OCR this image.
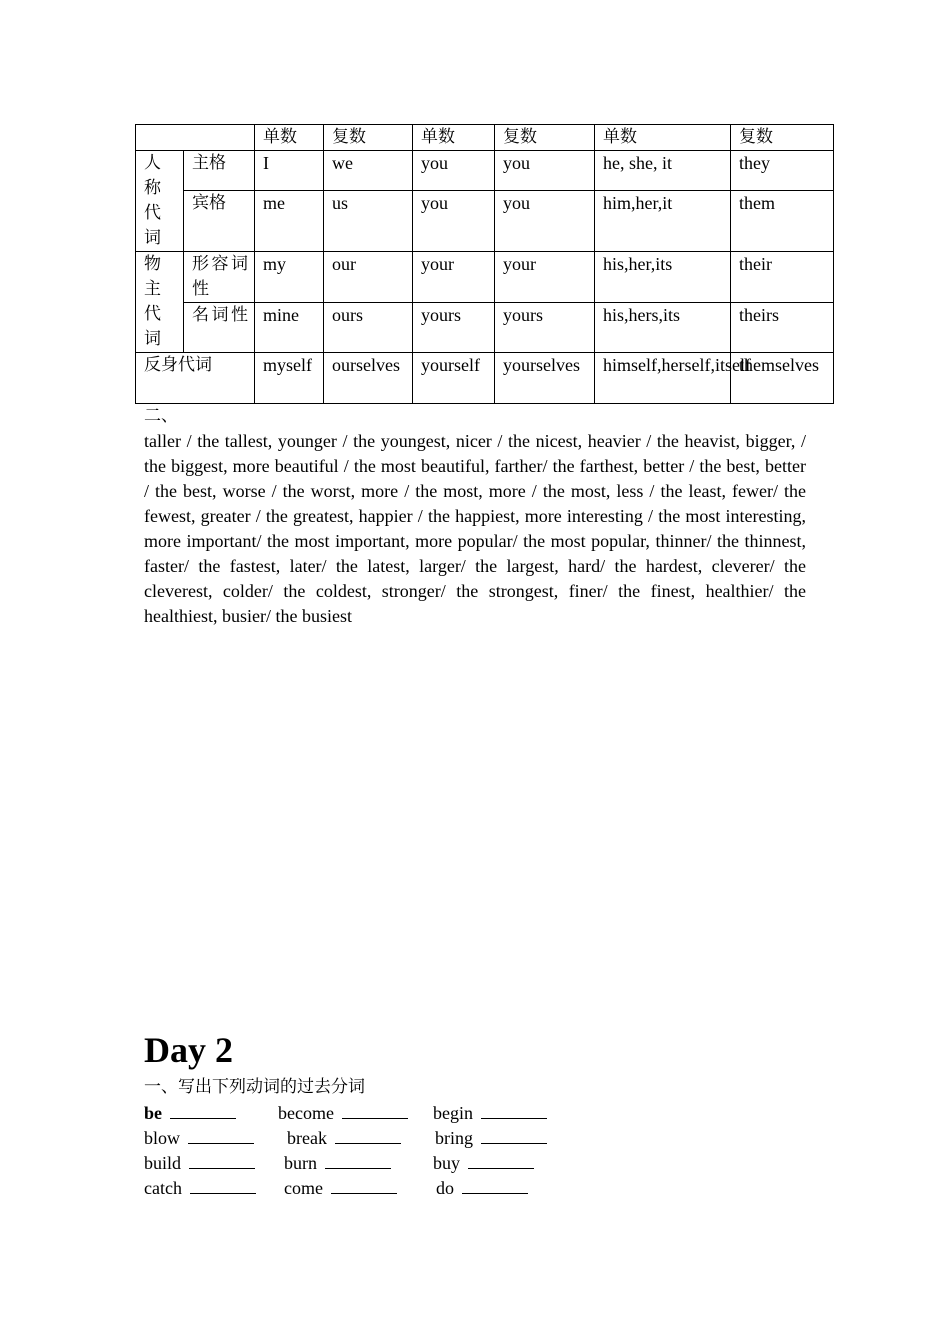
		单数	复数	单数	复数	单数	复数

人称代词	主格	I	we	you	you	he, she, it	they
	宾格	me	us	you	you	him,her,it	them

物主代词	形容词性	my	our	your	your	his,her,its	their

	名词性	mine	ours	yours	yours	his,hers,its	theirs
反身代词		myself	ourselves	yourself	yourselves	himself,herself,itself	themselves
二、

taller / the tallest, younger / the youngest, nicer / the nicest, heavier / the heavist, bigger, / the biggest, more beautiful / the most beautiful, farther/ the farthest, better / the best, better / the best, worse / the worst, more / the most, more / the most, less / the least, fewer/ the fewest, greater / the greatest, happier / the happiest, more interesting / the most interesting, more important/ the most important, more popular/ the most popular, thinner/ the thinnest, faster/ the fastest, later/ the latest, larger/ the largest, hard/ the hardest, cleverer/ the cleverest, colder/ the coldest, stronger/ the strongest, finer/ the finest, healthier/ the healthiest, busier/ the busiest

Day 2
一、写出下列动词的过去分词
be	become	begin
blow	break	bring
build	burn	buy
catch	come	do
